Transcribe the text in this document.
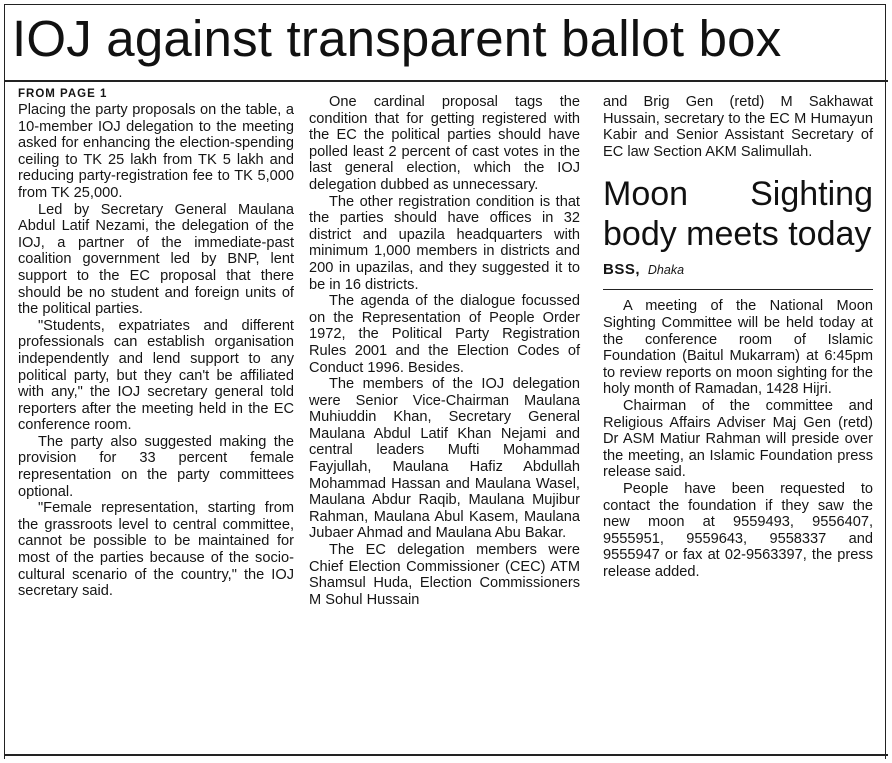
IOJ against transparent ballot box
FROM PAGE 1

Placing the party proposals on the table, a 10-member IOJ delegation to the meeting asked for enhancing the election-spending ceiling to TK 25 lakh from TK 5 lakh and reducing party-registration fee to TK 5,000 from TK 25,000.

Led by Secretary General Maulana Abdul Latif Nezami, the delegation of the IOJ, a partner of the immediate-past coalition government led by BNP, lent support to the EC proposal that there should be no student and foreign units of the political parties.

"Students, expatriates and different professionals can establish organisation independently and lend support to any political party, but they can't be affiliated with any," the IOJ secretary general told reporters after the meeting held in the EC conference room.

The party also suggested making the provision for 33 percent female representation on the party committees optional.

"Female representation, starting from the grassroots level to central committee, cannot be possible to be maintained for most of the parties because of the socio-cultural scenario of the country," the IOJ secretary said.

One cardinal proposal tags the condition that for getting registered with the EC the political parties should have polled least 2 percent of cast votes in the last general election, which the IOJ delegation dubbed as unnecessary.

The other registration condition is that the parties should have offices in 32 district and upazila headquarters with minimum 1,000 members in districts and 200 in upazilas, and they suggested it to be in 16 districts.

The agenda of the dialogue focussed on the Representation of People Order 1972, the Political Party Registration Rules 2001 and the Election Codes of Conduct 1996. Besides.

The members of the IOJ delegation were Senior Vice-Chairman Maulana Muhiuddin Khan, Secretary General Maulana Abdul Latif Khan Nejami and central leaders Mufti Mohammad Fayjullah, Maulana Hafiz Abdullah Mohammad Hassan and Maulana Wasel, Maulana Abdur Raqib, Maulana Mujibur Rahman, Maulana Abul Kasem, Maulana Jubaer Ahmad and Maulana Abu Bakar.

The EC delegation members were Chief Election Commissioner (CEC) ATM Shamsul Huda, Election Commissioners M Sohul Hussain

and Brig Gen (retd) M Sakhawat Hussain, secretary to the EC M Humayun Kabir and Senior Assistant Secretary of EC law Section AKM Salimullah.

Moon Sighting body meets today
BSS, Dhaka

A meeting of the National Moon Sighting Committee will be held today at the conference room of Islamic Foundation (Baitul Mukarram) at 6:45pm to review reports on moon sighting for the holy month of Ramadan, 1428 Hijri.

Chairman of the committee and Religious Affairs Adviser Maj Gen (retd) Dr ASM Matiur Rahman will preside over the meeting, an Islamic Foundation press release said.

People have been requested to contact the foundation if they saw the new moon at 9559493, 9556407, 9555951, 9559643, 9558337 and 9555947 or fax at 02-9563397, the press release added.
